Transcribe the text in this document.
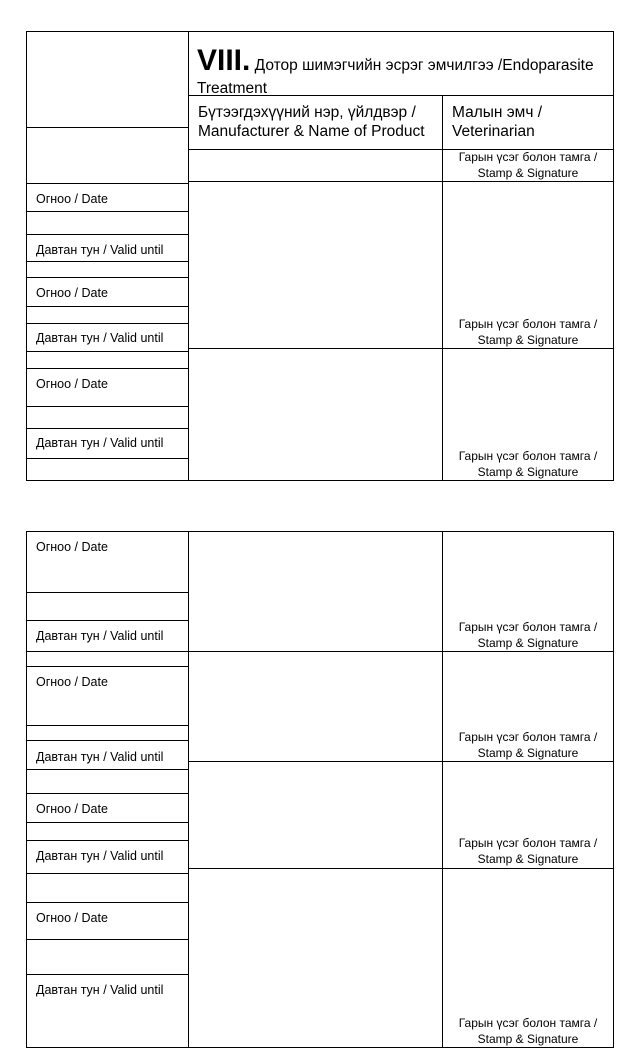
VIII. Дотор шимэгчийн эсрэг эмчилгээ /Endoparasite
Treatment
Бүтээгдэхүүний нэр, үйлдвэр /
Manufacturer & Name of Product
Малын эмч /
Veterinarian
Гарын үсэг болон тамга /
Stamp & Signature
Гарын үсэг болон тамга /
Stamp & Signature
Гарын үсэг болон тамга /
Stamp & Signature
Огноо / Date
Давтан тун / Valid until
Огноо / Date
Давтан тун / Valid until
Огноо / Date
Давтан тун / Valid until
Гарын үсэг болон тамга /
Stamp & Signature
Гарын үсэг болон тамга /
Stamp & Signature
Гарын үсэг болон тамга /
Stamp & Signature
Гарын үсэг болон тамга /
Stamp & Signature
Огноо / Date
Давтан тун / Valid until
Огноо / Date
Давтан тун / Valid until
Огноо / Date
Давтан тун / Valid until
Огноо / Date
Давтан тун / Valid until
